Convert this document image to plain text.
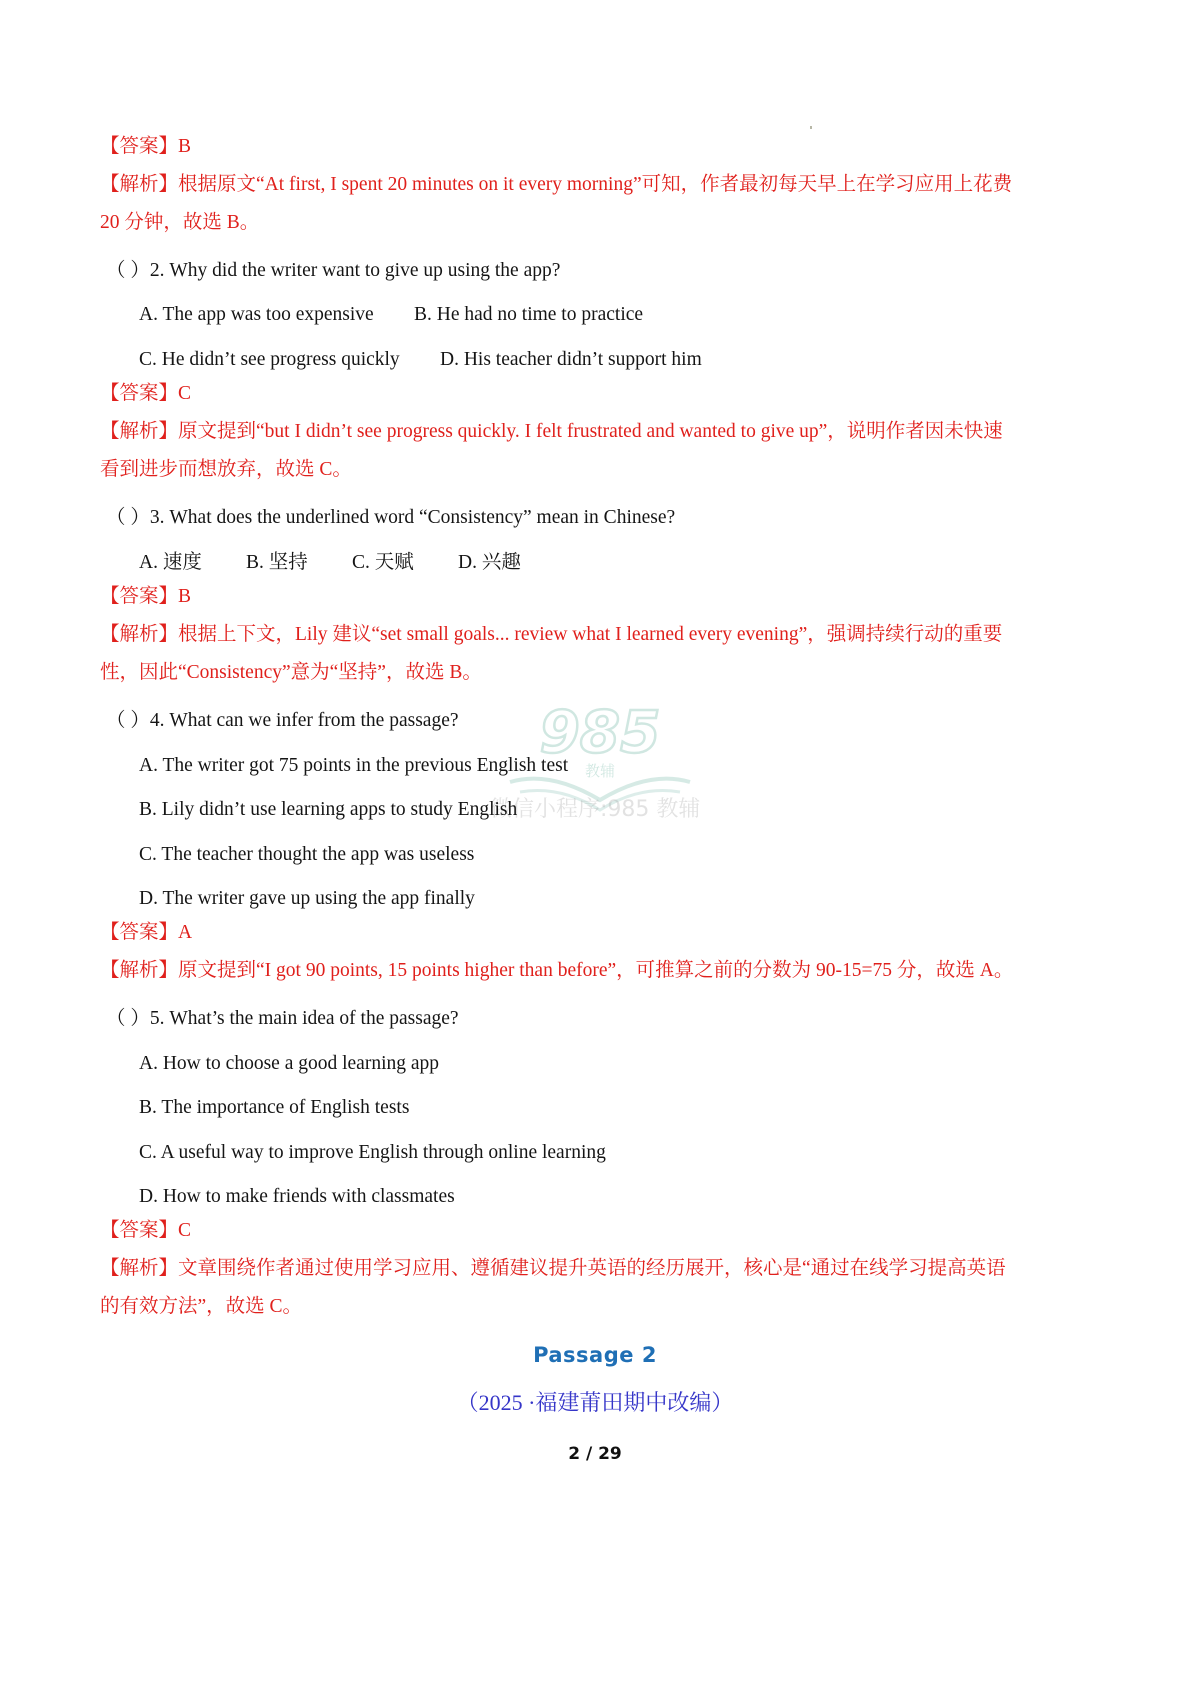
985
教辅
微信小程序:985 教辅
【答案】B
【解析】根据原文“At first, I spent 20 minutes on it every morning”可知，作者最初每天早上在学习应用上花费
20 分钟，故选 B。
（ ）2. Why did the writer want to give up using the app?
A. The app was too expensive B. He had no time to practice
C. He didn’t see progress quickly D. His teacher didn’t support him
【答案】C
【解析】原文提到“but I didn’t see progress quickly. I felt frustrated and wanted to give up”，说明作者因未快速
看到进步而想放弃，故选 C。
（ ）3. What does the underlined word “Consistency” mean in Chinese?
A. 速度 B. 坚持 C. 天赋 D. 兴趣
【答案】B
【解析】根据上下文，Lily 建议“set small goals... review what I learned every evening”，强调持续行动的重要
性，因此“Consistency”意为“坚持”，故选 B。
（ ）4. What can we infer from the passage?
A. The writer got 75 points in the previous English test
B. Lily didn’t use learning apps to study English
C. The teacher thought the app was useless
D. The writer gave up using the app finally
【答案】A
【解析】原文提到“I got 90 points, 15 points higher than before”，可推算之前的分数为 90-15=75 分，故选 A。
（ ）5. What’s the main idea of the passage?
A. How to choose a good learning app
B. The importance of English tests
C. A useful way to improve English through online learning
D. How to make friends with classmates
【答案】C
【解析】文章围绕作者通过使用学习应用、遵循建议提升英语的经历展开，核心是“通过在线学习提高英语
的有效方法”，故选 C。
Passage 2
（2025 ·福建莆田期中改编）
2 / 29
